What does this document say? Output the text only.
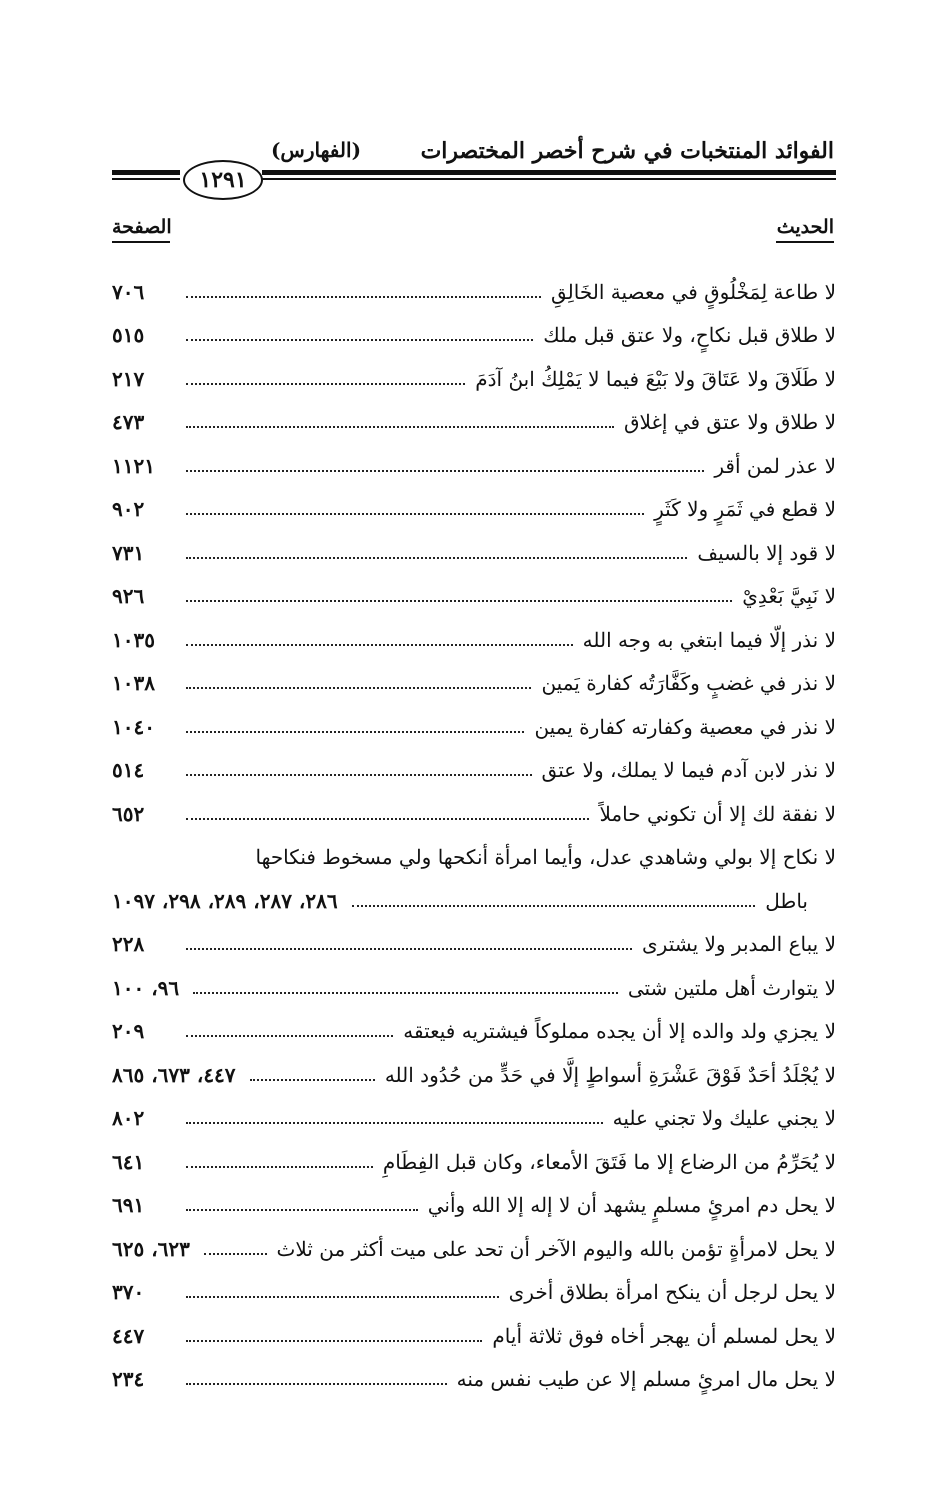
الفوائد المنتخبات في شرح أخصر المختصرات
(الفهارس)
١٢٩١
الحديث
الصفحة
لا طاعة لِمَخْلُوقٍ في معصية الخَالِقِ
٧٠٦
لا طلاق قبل نكاحٍ، ولا عتق قبل ملك
٥١٥
لا طَلَاقَ ولا عَتَاقَ ولا بَيْعَ فيما لا يَمْلِكُ ابنُ آدَمَ
٢١٧
لا طلاق ولا عتق في إغلاق
٤٧٣
لا عذر لمن أقر
١١٢١
لا قطع في ثَمَرٍ ولا كَثَرٍ
٩٠٢
لا قود إلا بالسيف
٧٣١
لا نَبِيَّ بَعْدِيْ
٩٢٦
لا نذر إلّا فيما ابتغي به وجه الله
١٠٣٥
لا نذر في غضبٍ وكَفَّارَتُه كفارة يَمين
١٠٣٨
لا نذر في معصية وكفارته كفارة يمين
١٠٤٠
لا نذر لابن آدم فيما لا يملك، ولا عتق
٥١٤
لا نفقة لك إلا أن تكوني حاملاً
٦٥٢
لا نكاح إلا بولي وشاهدي عدل، وأيما امرأة أنكحها ولي مسخوط فنكاحها
باطل
٢٨٦، ٢٨٧، ٢٨٩، ٢٩٨، ١٠٩٧
لا يباع المدبر ولا يشترى
٢٢٨
لا يتوارث أهل ملتين شتى
٩٦، ١٠٠
لا يجزي ولد والده إلا أن يجده مملوكاً فيشتريه فيعتقه
٢٠٩
لا يُجْلَدُ أحَدٌ فَوْقَ عَشْرَةِ أسواطٍ إلَّا في حَدٍّ من حُدُود الله
٤٤٧، ٦٧٣، ٨٦٥
لا يجني عليك ولا تجني عليه
٨٠٢
لا يُحَرِّمُ من الرضاع إلا ما فَتَقَ الأمعاء، وكان قبل الفِطَامِ
٦٤١
لا يحل دم امرئٍ مسلمٍ يشهد أن لا إله إلا الله وأني
٦٩١
لا يحل لامرأةٍ تؤمن بالله واليوم الآخر أن تحد على ميت أكثر من ثلاث
٦٢٣، ٦٢٥
لا يحل لرجل أن ينكح امرأة بطلاق أخرى
٣٧٠
لا يحل لمسلم أن يهجر أخاه فوق ثلاثة أيام
٤٤٧
لا يحل مال امرئٍ مسلم إلا عن طيب نفس منه
٢٣٤
